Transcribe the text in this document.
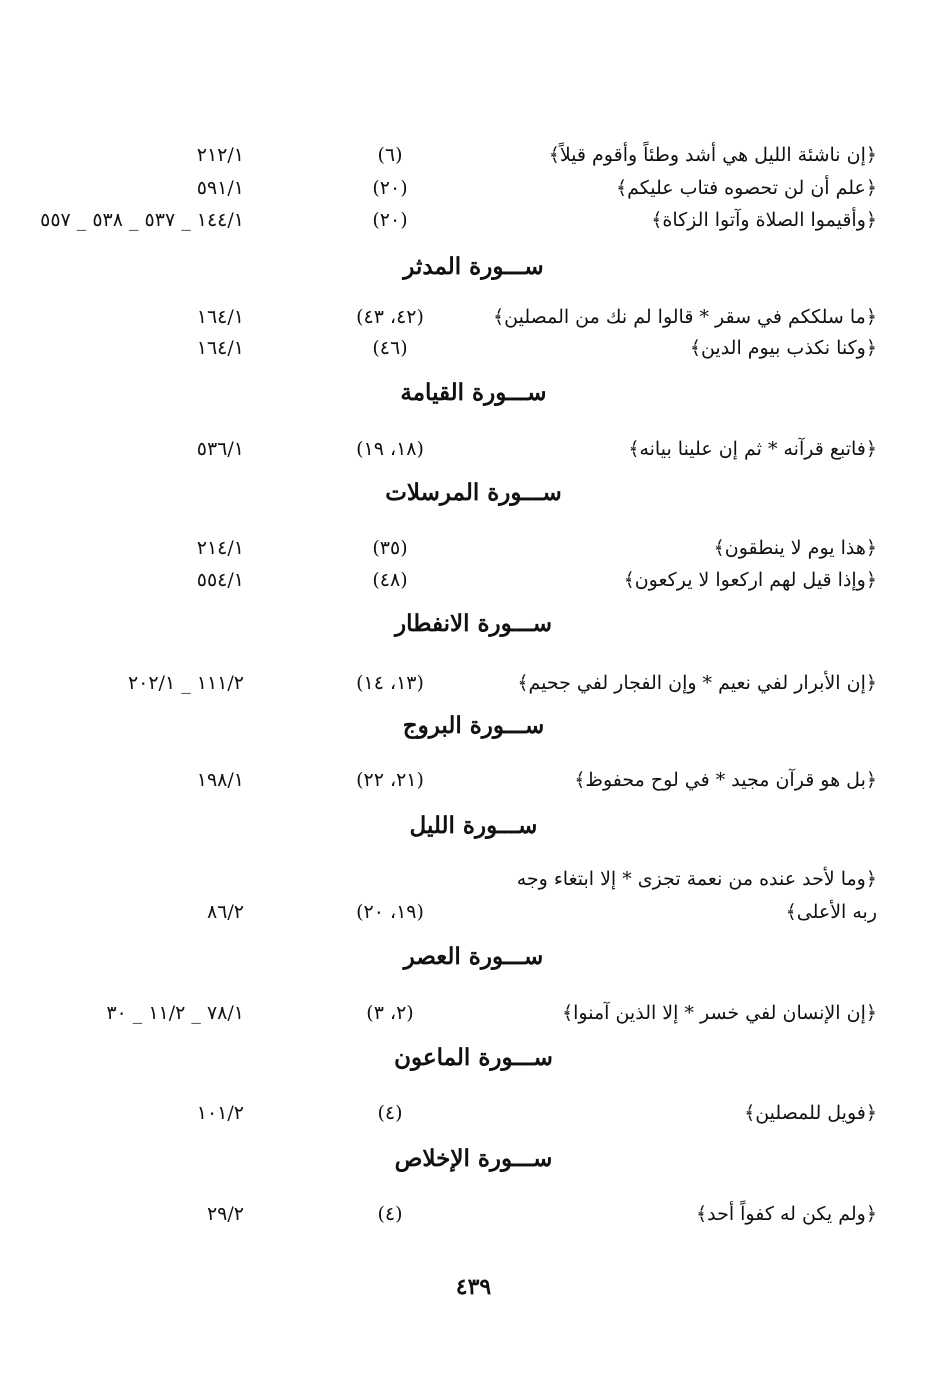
﴿إن ناشئة الليل هي أشد وطئاً وأقوم قيلاً﴾
(٦)
٢١٢/١
﴿علم أن لن تحصوه فتاب عليكم﴾
(٢٠)
٥٩١/١
﴿وأقيموا الصلاة وآتوا الزكاة﴾
(٢٠)
١٤٤/١ _ ٥٣٧ _ ٥٣٨ _ ٥٥٧
ســـورة المدثر
﴿ما سلككم في سقر * قالوا لم نك من المصلين﴾
(٤٢، ٤٣)
١٦٤/١
﴿وكنا نكذب بيوم الدين﴾
(٤٦)
١٦٤/١
ســـورة القيامة
﴿فاتبع قرآنه * ثم إن علينا بيانه﴾
(١٨، ١٩)
٥٣٦/١
ســـورة المرسلات
﴿هذا يوم لا ينطقون﴾
(٣٥)
٢١٤/١
﴿وإذا قيل لهم اركعوا لا يركعون﴾
(٤٨)
٥٥٤/١
ســـورة الانفطار
﴿إن الأبرار لفي نعيم * وإن الفجار لفي جحيم﴾
(١٣، ١٤)
١١١/٢ _ ٢٠٢/١
ســـورة البروج
﴿بل هو قرآن مجيد * في لوح محفوظ﴾
(٢١، ٢٢)
١٩٨/١
ســـورة الليل
﴿وما لأحد عنده من نعمة تجزى * إلا ابتغاء وجه
ربه الأعلى﴾
(١٩، ٢٠)
٨٦/٢
ســـورة العصر
﴿إن الإنسان لفي خسر * إلا الذين آمنوا﴾
(٢، ٣)
٧٨/١ _ ١١/٢ _ ٣٠
ســـورة الماعون
﴿فويل للمصلين﴾
(٤)
١٠١/٢
ســـورة الإخلاص
﴿ولم يكن له كفواً أحد﴾
(٤)
٢٩/٢
٤٣٩
